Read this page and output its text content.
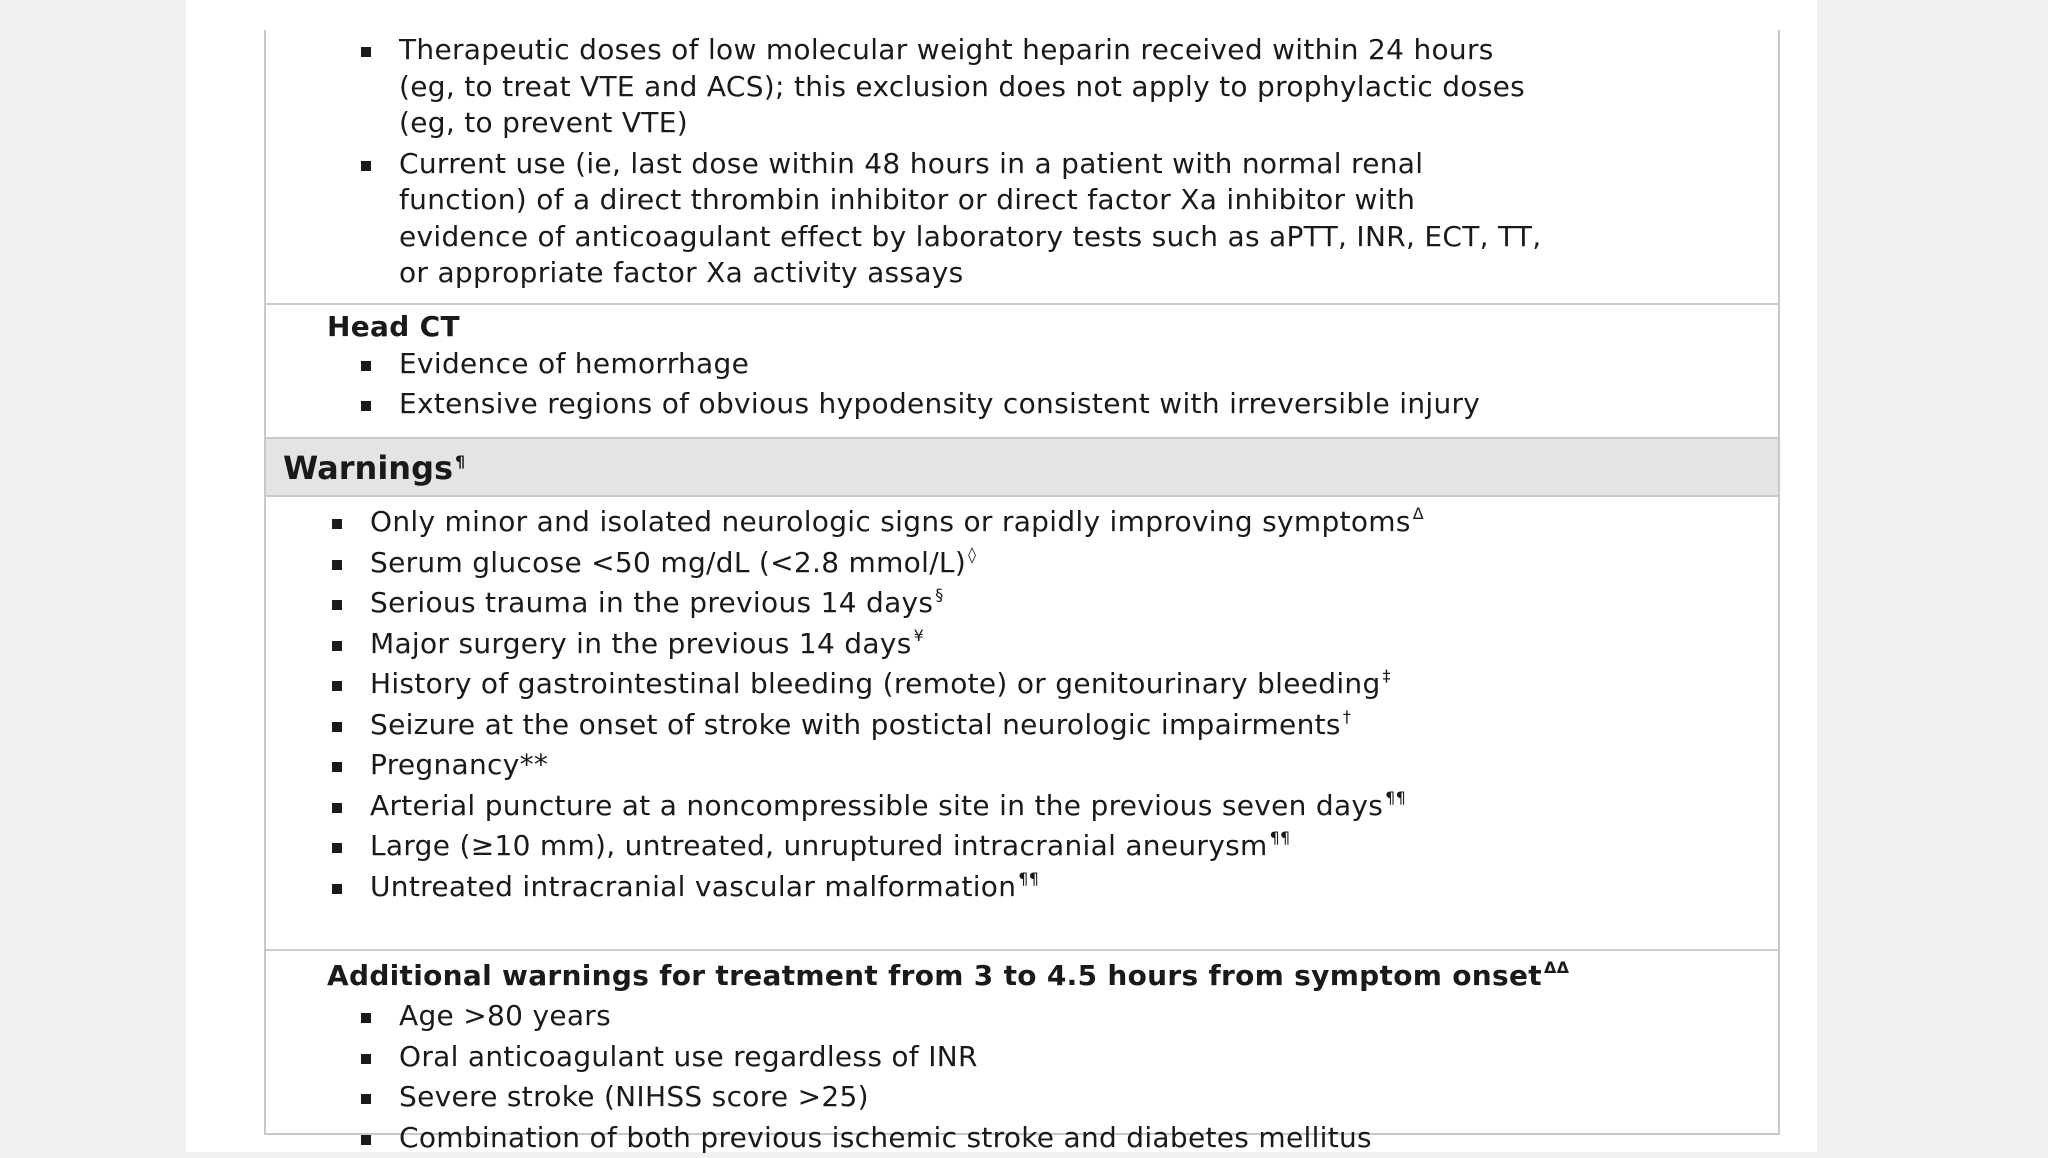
Therapeutic doses of low molecular weight heparin received within 24 hours
(eg, to treat VTE and ACS); this exclusion does not apply to prophylactic doses
(eg, to prevent VTE)
Current use (ie, last dose within 48 hours in a patient with normal renal
function) of a direct thrombin inhibitor or direct factor Xa inhibitor with
evidence of anticoagulant effect by laboratory tests such as aPTT, INR, ECT, TT,
or appropriate factor Xa activity assays
Head CT
Evidence of hemorrhage
Extensive regions of obvious hypodensity consistent with irreversible injury
Warnings ¶
Only minor and isolated neurologic signs or rapidly improving symptoms $^\Delta$
Serum glucose <50 mg/dL (<2.8 mmol/L) ◊
Serious trauma in the previous 14 days §
Major surgery in the previous 14 days ¥
History of gastrointestinal bleeding (remote) or genitourinary bleeding ‡
Seizure at the onset of stroke with postictal neurologic impairments †
Pregnancy**
Arterial puncture at a noncompressible site in the previous seven days ¶¶
Large (≥10 mm), untreated, unruptured intracranial aneurysm ¶¶
Untreated intracranial vascular malformation ¶¶
Additional warnings for treatment from 3 to 4.5 hours from symptom onset $^{\Delta\Delta}$
Age >80 years
Oral anticoagulant use regardless of INR
Severe stroke (NIHSS score >25)
Combination of both previous ischemic stroke and diabetes mellitus
